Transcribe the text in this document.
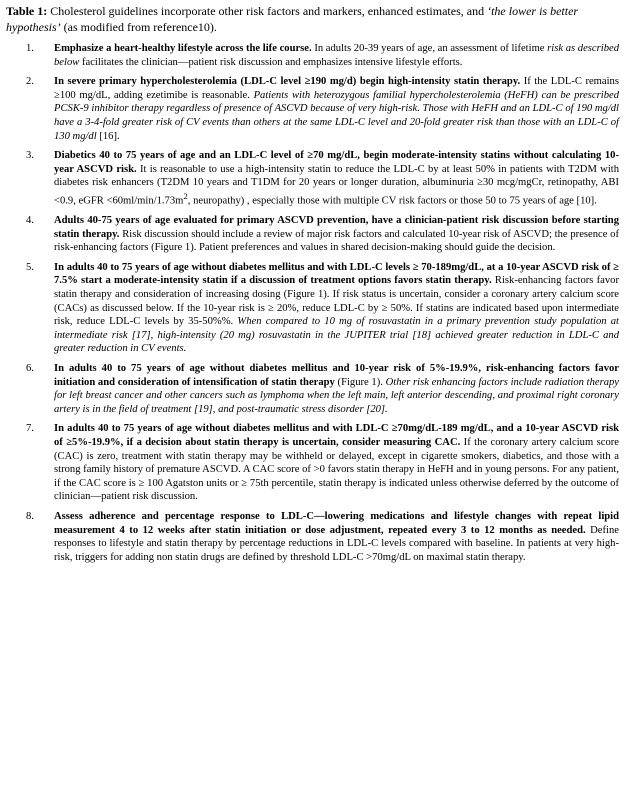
Table 1: Cholesterol guidelines incorporate other risk factors and markers, enhanced estimates, and ‘the lower is better hypothesis’ (as modified from reference10).

1. Emphasize a heart-healthy lifestyle across the life course. In adults 20-39 years of age, an assessment of lifetime risk as described below facilitates the clinician—patient risk discussion and emphasizes intensive lifestyle efforts.
2. In severe primary hypercholesterolemia (LDL-C level ≥190 mg/d) begin high-intensity statin therapy. If the LDL-C remains ≥100 mg/dL, adding ezetimibe is reasonable. Patients with heterozygous familial hypercholesterolemia (HeFH) can be prescribed PCSK-9 inhibitor therapy regardless of presence of ASCVD because of very high-risk. Those with HeFH and an LDL-C of 190 mg/dl have a 3-4-fold greater risk of CV events than others at the same LDL-C level and 20-fold greater risk than those with an LDL-C of 130 mg/dl [16].
3. Diabetics 40 to 75 years of age and an LDL-C level of ≥70 mg/dL, begin moderate-intensity statins without calculating 10-year ASCVD risk. It is reasonable to use a high-intensity statin to reduce the LDL-C by at least 50% in patients with T2DM with diabetes risk enhancers (T2DM 10 years and T1DM for 20 years or longer duration, albuminuria ≥30 mcg/mgCr, retinopathy, ABI <0.9, eGFR $<60ml/\min/1.73m^2$, neuropathy) , especially those with multiple CV risk factors or those 50 to 75 years of age [10].
4. Adults 40-75 years of age evaluated for primary ASCVD prevention, have a clinician-patient risk discussion before starting statin therapy. Risk discussion should include a review of major risk factors and calculated 10-year risk of ASCVD; the presence of risk-enhancing factors (Figure 1). Patient preferences and values in shared decision-making should guide the decision.
5. In adults 40 to 75 years of age without diabetes mellitus and with LDL-C levels ≥ 70-189mg/dL, at a 10-year ASCVD risk of ≥ 7.5% start a moderate-intensity statin if a discussion of treatment options favors statin therapy. Risk-enhancing factors favor statin therapy and consideration of increasing dosing (Figure 1). If risk status is uncertain, consider a coronary artery calcium score (CACs) as discussed below. If the 10-year risk is ≥ 20%, reduce LDL-C by ≥ 50%. If statins are indicated based upon intermediate risk, reduce LDL-C levels by 35-50%%. When compared to 10 mg of rosuvastatin in a primary prevention study population at intermediate risk [17], high-intensity (20 mg) rosuvastatin in the JUPITER trial [18] achieved greater reduction in LDL-C and greater reduction in CV events.
6. In adults 40 to 75 years of age without diabetes mellitus and 10-year risk of 5%-19.9%, risk-enhancing factors favor initiation and consideration of intensification of statin therapy (Figure 1). Other risk enhancing factors include radiation therapy for left breast cancer and other cancers such as lymphoma when the left main, left anterior descending, and proximal right coronary artery is in the field of treatment [19], and post-traumatic stress disorder [20].
7. In adults 40 to 75 years of age without diabetes mellitus and with LDL-C ≥70mg/dL-189 mg/dL, and a 10-year ASCVD risk of ≥5%-19.9%, if a decision about statin therapy is uncertain, consider measuring CAC. If the coronary artery calcium score (CAC) is zero, treatment with statin therapy may be withheld or delayed, except in cigarette smokers, diabetics, and those with a strong family history of premature ASCVD. A CAC score of >0 favors statin therapy in HeFH and in young persons. For any patient, if the CAC score is ≥ 100 Agatston units or ≥ 75th percentile, statin therapy is indicated unless otherwise deferred by the outcome of clinician—patient risk discussion.
8. Assess adherence and percentage response to LDL-C—lowering medications and lifestyle changes with repeat lipid measurement 4 to 12 weeks after statin initiation or dose adjustment, repeated every 3 to 12 months as needed. Define responses to lifestyle and statin therapy by percentage reductions in LDL-C levels compared with baseline. In patients at very high-risk, triggers for adding non statin drugs are defined by threshold LDL-C >70mg/dL on maximal statin therapy.
